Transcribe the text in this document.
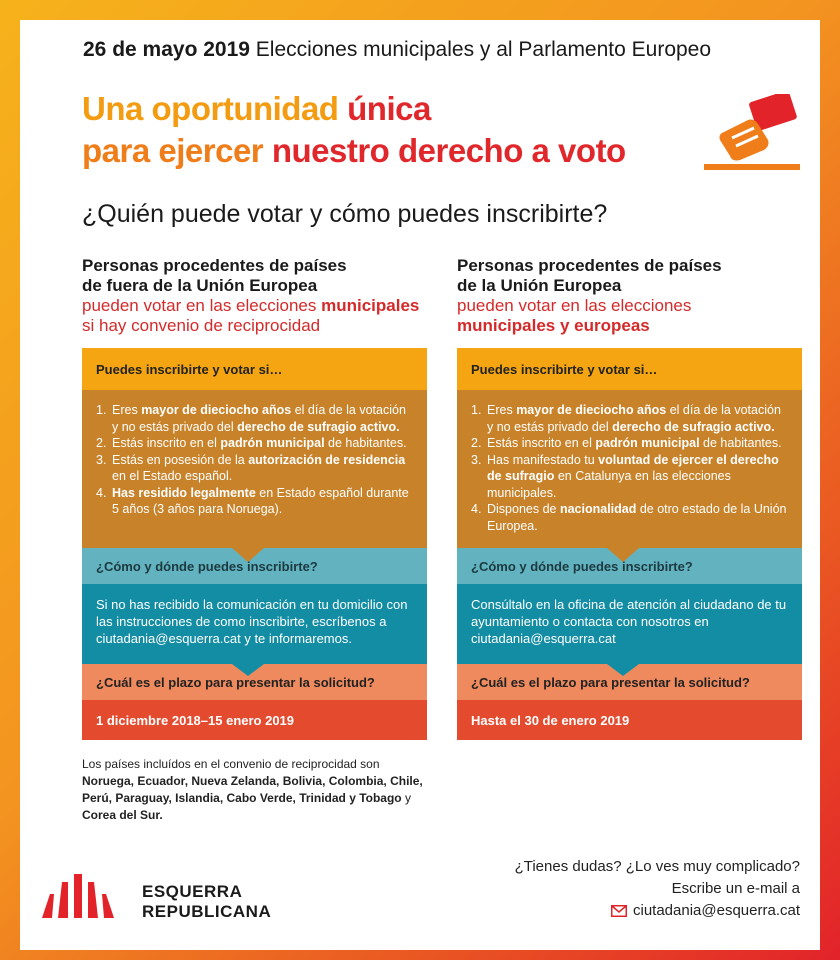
26 de mayo 2019 Elecciones municipales y al Parlamento Europeo
Una oportunidad única
para ejercer nuestro derecho a voto
¿Quién puede votar y cómo puedes inscribirte?
Personas procedentes de países
de fuera de la Unión Europea
pueden votar en las elecciones municipales
si hay convenio de reciprocidad
Puedes inscribirte y votar si…
1. Eres mayor de dieciocho años el día de la votación y no estás privado del derecho de sufragio activo.
2. Estás inscrito en el padrón municipal de habitantes.
3. Estás en posesión de la autorización de residencia en el Estado español.
4. Has residido legalmente en Estado español durante 5 años (3 años para Noruega).
¿Cómo y dónde puedes inscribirte?
Si no has recibido la comunicación en tu domicilio con las instrucciones de como inscribirte, escríbenos a ciutadania@esquerra.cat y te informaremos.
¿Cuál es el plazo para presentar la solicitud?
1 diciembre 2018–15 enero 2019
Los países incluídos en el convenio de reciprocidad son Noruega, Ecuador, Nueva Zelanda, Bolivia, Colombia, Chile, Perú, Paraguay, Islandia, Cabo Verde, Trinidad y Tobago y Corea del Sur.
Personas procedentes de países
de la Unión Europea
pueden votar en las elecciones
municipales y europeas
Puedes inscribirte y votar si…
1. Eres mayor de dieciocho años el día de la votación y no estás privado del derecho de sufragio activo.
2. Estás inscrito en el padrón municipal de habitantes.
3. Has manifestado tu voluntad de ejercer el derecho de sufragio en Catalunya en las elecciones municipales.
4. Dispones de nacionalidad de otro estado de la Unión Europea.
¿Cómo y dónde puedes inscribirte?
Consúltalo en la oficina de atención al ciudadano de tu ayuntamiento o contacta con nosotros en ciutadania@esquerra.cat
¿Cuál es el plazo para presentar la solicitud?
Hasta el 30 de enero 2019
ESQUERRA
REPUBLICANA
¿Tienes dudas? ¿Lo ves muy complicado?
Escribe un e-mail a
ciutadania@esquerra.cat
